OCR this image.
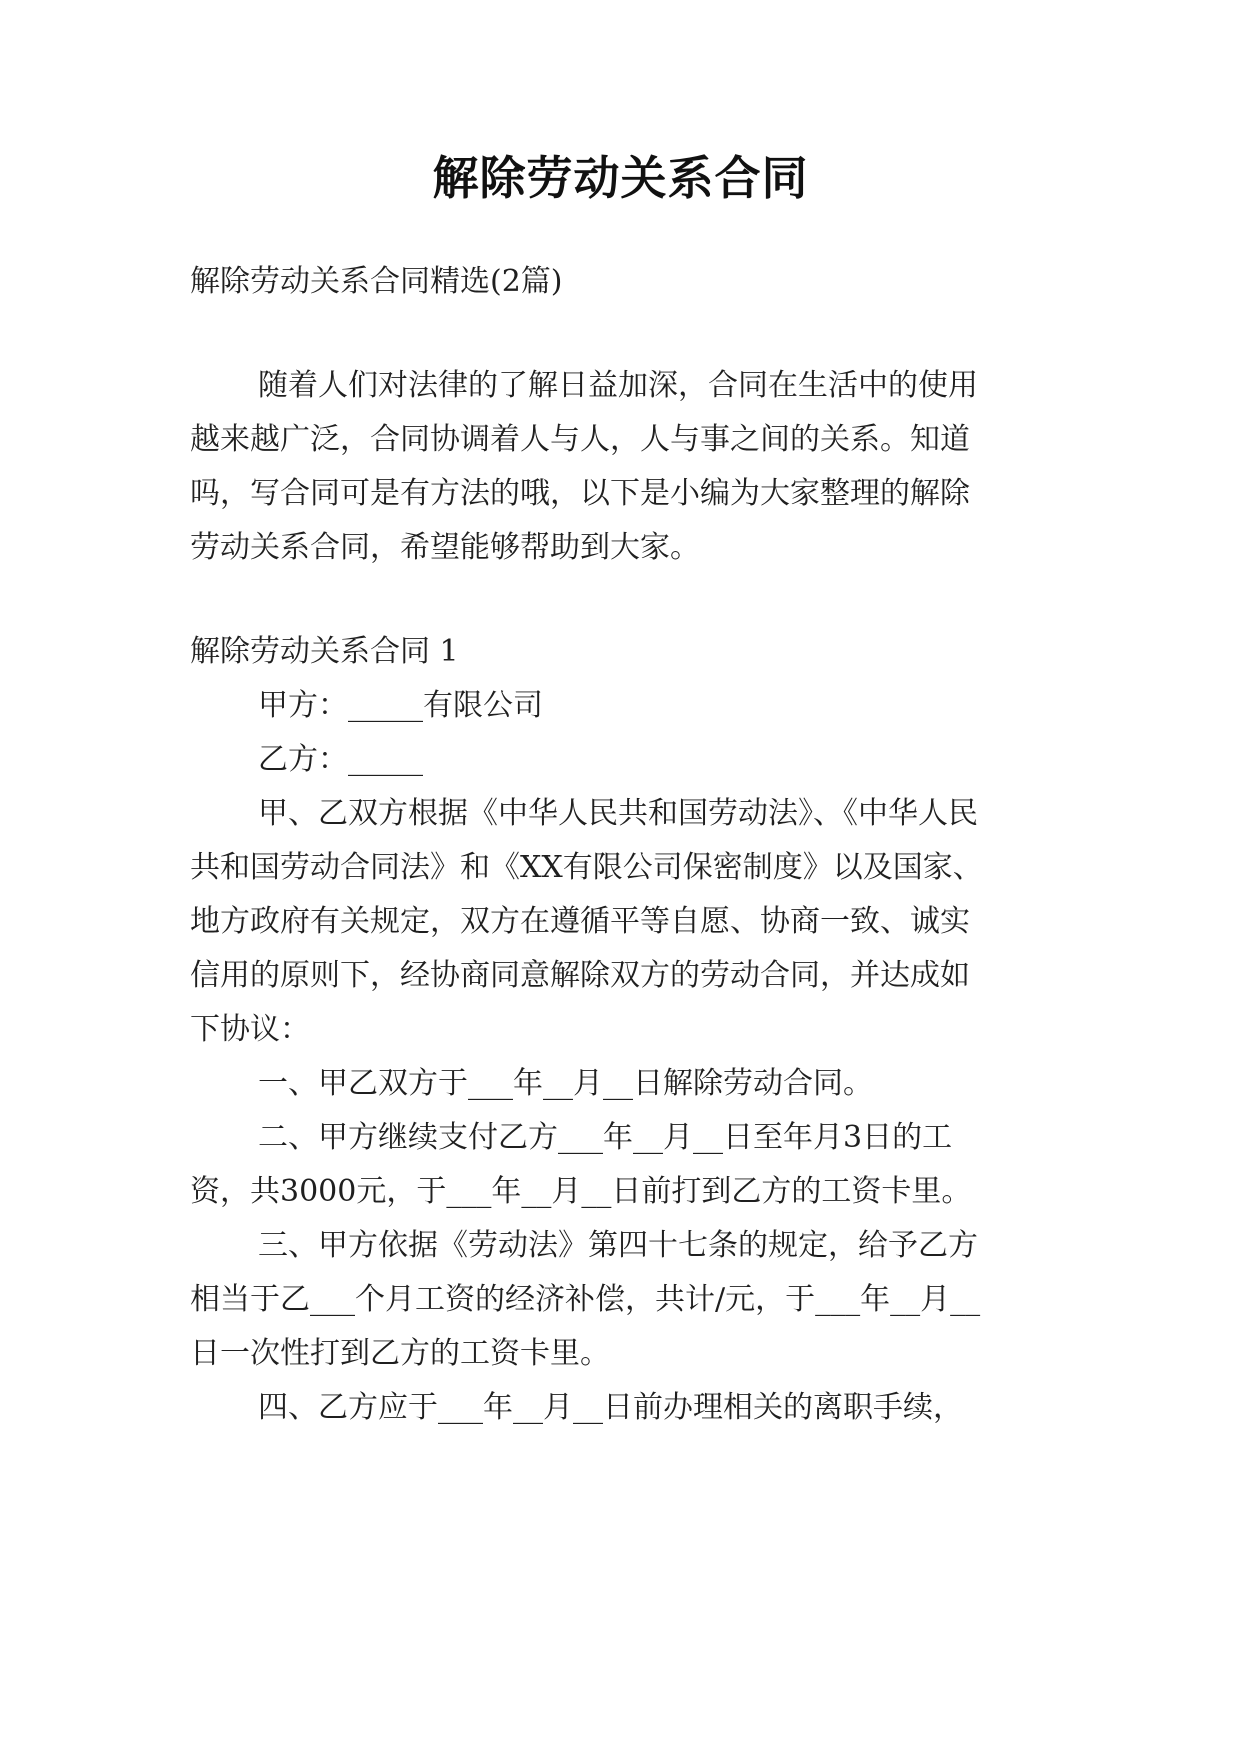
解除劳动关系合同
解除劳动关系合同精选(2篇)
随着人们对法律的了解日益加深，合同在生活中的使用
越来越广泛，合同协调着人与人，人与事之间的关系。知道
吗，写合同可是有方法的哦，以下是小编为大家整理的解除
劳动关系合同，希望能够帮助到大家。
解除劳动关系合同 1
甲方：_____有限公司
乙方：_____
甲、乙双方根据《中华人民共和国劳动法》、《中华人民
共和国劳动合同法》和《XX有限公司保密制度》以及国家、
地方政府有关规定，双方在遵循平等自愿、协商一致、诚实
信用的原则下，经协商同意解除双方的劳动合同，并达成如
下协议：
一、甲乙双方于___年__月__日解除劳动合同。
二、甲方继续支付乙方___年__月__日至年月3日的工
资，共3000元，于___年__月__日前打到乙方的工资卡里。
三、甲方依据《劳动法》第四十七条的规定，给予乙方
相当于乙___个月工资的经济补偿，共计/元，于___年__月__
日一次性打到乙方的工资卡里。
四、乙方应于___年__月__日前办理相关的离职手续，
